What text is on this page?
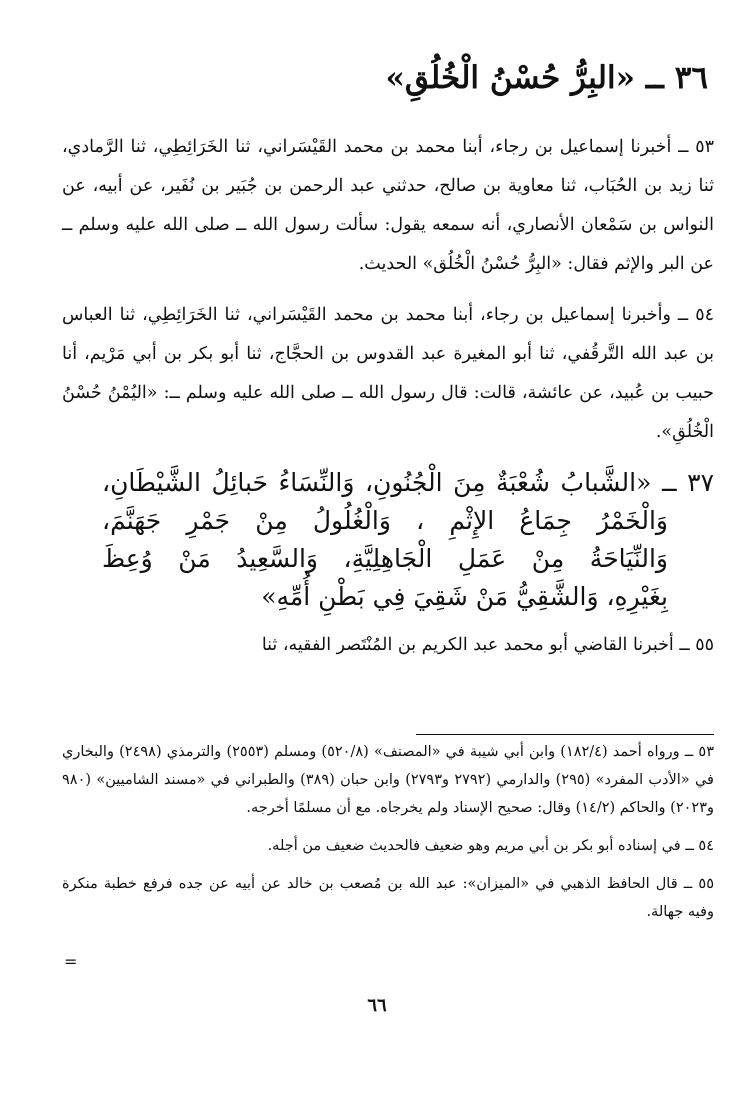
٣٦ ــ «البِرُّ حُسْنُ الْخُلُقِ»

٥٣ ــ أخبرنا إسماعيل بن رجاء، أبنا محمد بن محمد القَيْسَراني، ثنا الخَرَائِطِي، ثنا الرَّمادي، ثنا زيد بن الحُبَاب، ثنا معاوية بن صالح، حدثني عبد الرحمن بن جُبَير بن نُفَير، عن أبيه، عن النواس بن سَمْعان الأنصاري، أنه سمعه يقول: سألت رسول الله ــ صلى الله عليه وسلم ــ عن البر والإثم فقال: «البِرُّ حُسْنُ الْخُلُق» الحديث.

٥٤ ــ وأخبرنا إسماعيل بن رجاء، أبنا محمد بن محمد القَيْسَراني، ثنا الخَرَائِطِي، ثنا العباس بن عبد الله التَّرقُفي، ثنا أبو المغيرة عبد القدوس بن الحجَّاج، ثنا أبو بكر بن أبي مَرْيم، أنا حبيب بن عُبيد، عن عائشة، قالت: قال رسول الله ــ صلى الله عليه وسلم ــ: «اليُمْنُ حُسْنُ الْخُلُقِ».

٣٧ ــ «الشَّبابُ شُعْبَةٌ مِنَ الْجُنُونِ، وَالنِّسَاءُ حَبائِلُ الشَّيْطَانِ،
وَالْخَمْرُ جِمَاعُ الإِثْمِ ، وَالْغُلُولُ مِنْ جَمْرِ جَهَنَّمَ،
وَالنِّيَاحَةُ مِنْ عَمَلِ الْجَاهِلِيَّةِ، وَالسَّعِيدُ مَنْ وُعِظَ
بِغَيْرِهِ، وَالشَّقِيُّ مَنْ شَقِيَ فِي بَطْنِ أُمِّهِ»

٥٥ ــ أخبرنا القاضي أبو محمد عبد الكريم بن المُنْتَصر الفقيه، ثنا

٥٣ ــ ورواه أحمد (١٨٢/٤) وابن أبي شيبة في «المصنف» (٥٢٠/٨) ومسلم (٢٥٥٣) والترمذي (٢٤٩٨) والبخاري في «الأدب المفرد» (٢٩٥) والدارمي (٢٧٩٢ و٢٧٩٣) وابن حبان (٣٨٩) والطبراني في «مسند الشاميين» (٩٨٠ و٢٠٢٣) والحاكم (١٤/٢) وقال: صحيح الإسناد ولم يخرجاه. مع أن مسلمًا أخرجه.

٥٤ ــ في إسناده أبو بكر بن أبي مريم وهو ضعيف فالحديث ضعيف من أجله.

٥٥ ــ قال الحافظ الذهبي في «الميزان»: عبد الله بن مُصعب بن خالد عن أبيه عن جده فرفع خطبة منكرة وفيه جهالة.

=
٦٦
